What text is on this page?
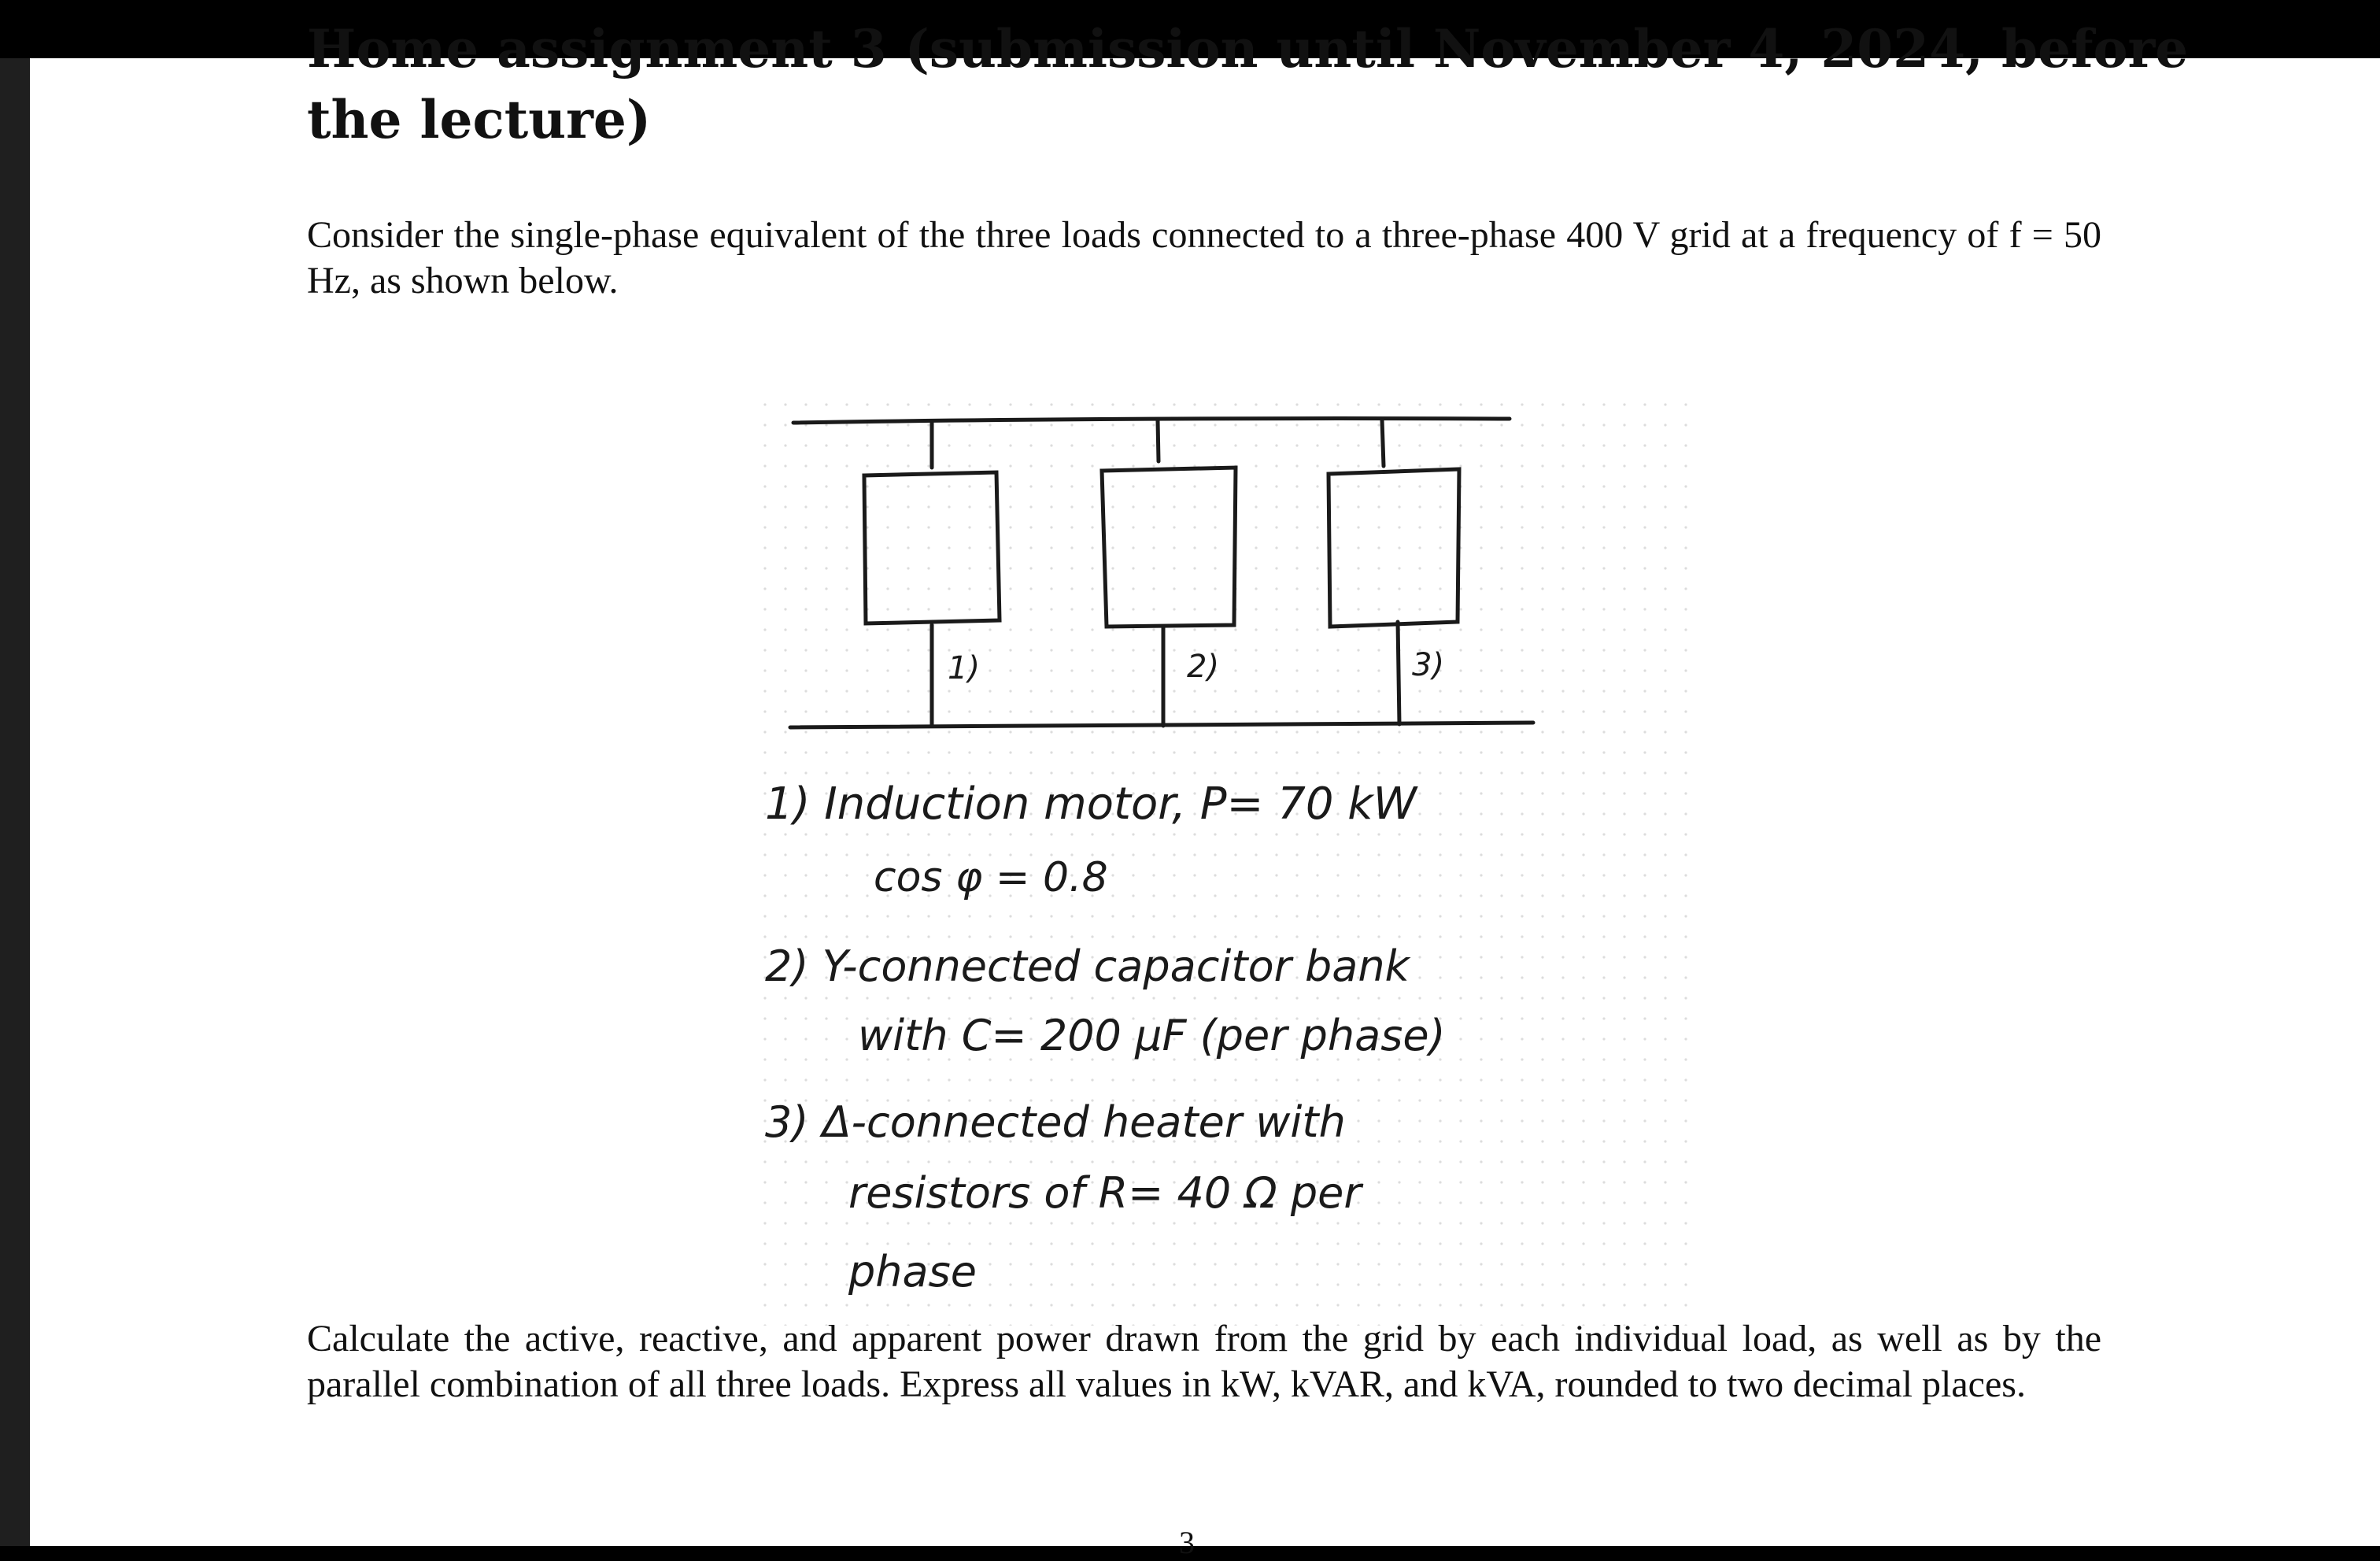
Home assignment 3 (submission until November 4, 2024, before
the lecture)
Consider the single-phase equivalent of the three loads connected to a three-phase 400 V grid at a frequency of f = 50 Hz, as shown below.
1)	2)	3)
1) Induction motor, P= 70 kW
cos φ = 0.8
2) Y-connected capacitor bank
with C= 200 μF (per phase)
3) Δ-connected heater with
resistors of R= 40 Ω per
phase
Calculate the active, reactive, and apparent power drawn from the grid by each individual load, as well as by the parallel combination of all three loads. Express all values in kW, kVAR, and kVA, rounded to two decimal places.
3
